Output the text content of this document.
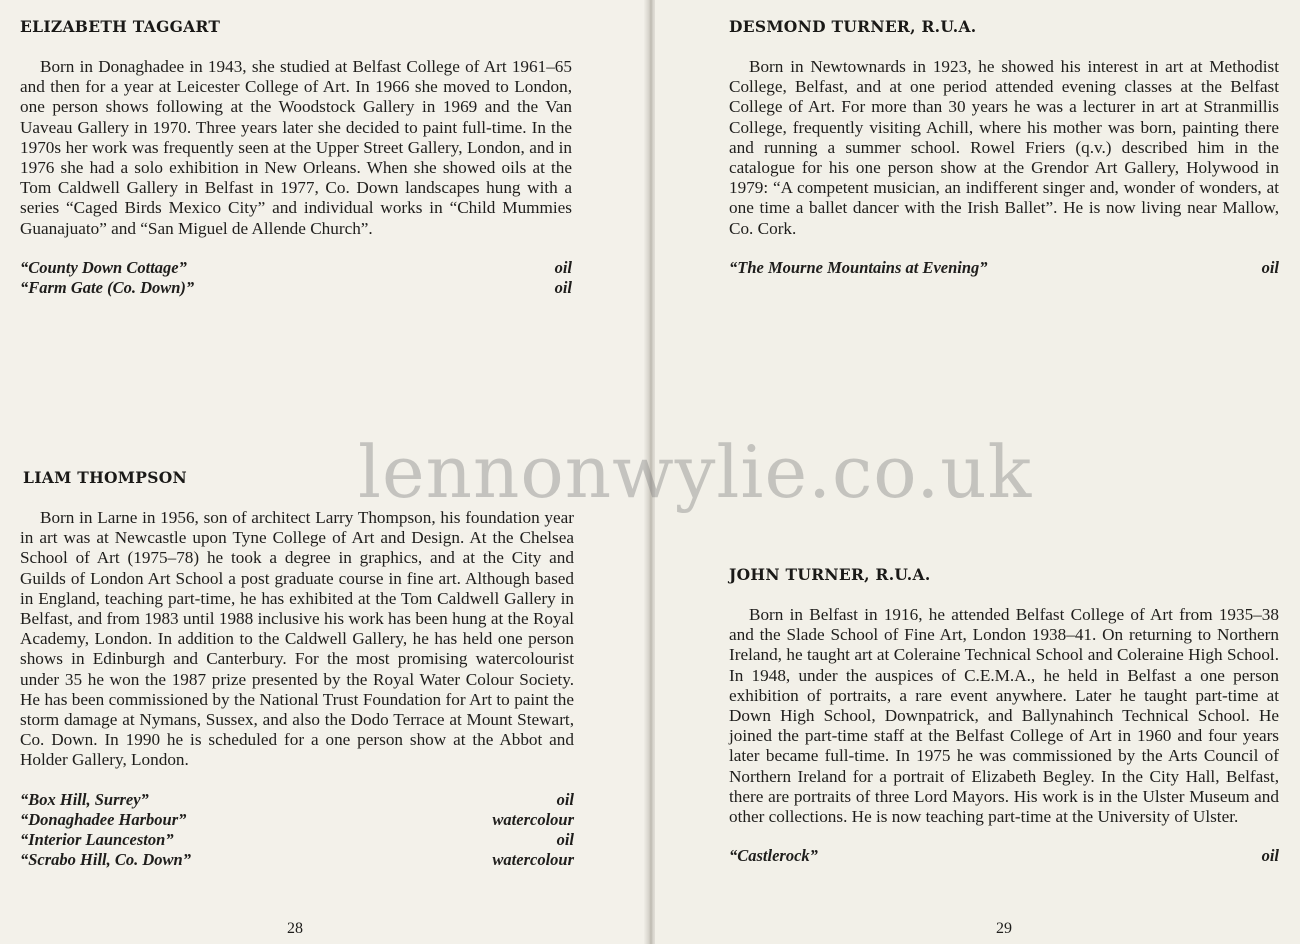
ELIZABETH TAGGART

Born in Donaghadee in 1943, she studied at Belfast College of Art 1961–65 and then for a year at Leicester College of Art. In 1966 she moved to London, one person shows following at the Woodstock Gallery in 1969 and the Van Uaveau Gallery in 1970. Three years later she decided to paint full-time. In the 1970s her work was frequently seen at the Upper Street Gallery, London, and in 1976 she had a solo exhibition in New Orleans. When she showed oils at the Tom Caldwell Gallery in Belfast in 1977, Co. Down landscapes hung with a series “Caged Birds Mexico City” and individual works in “Child Mummies Guanajuato” and “San Miguel de Allende Church”.

“County Down Cottage”	oil
“Farm Gate (Co. Down)”	oil
LIAM THOMPSON

Born in Larne in 1956, son of architect Larry Thompson, his foundation year in art was at Newcastle upon Tyne College of Art and Design. At the Chelsea School of Art (1975–78) he took a degree in graphics, and at the City and Guilds of London Art School a post graduate course in fine art. Although based in England, teaching part-time, he has exhibited at the Tom Caldwell Gallery in Belfast, and from 1983 until 1988 inclusive his work has been hung at the Royal Academy, London. In addition to the Caldwell Gallery, he has held one person shows in Edinburgh and Canterbury. For the most promising watercolourist under 35 he won the 1987 prize presented by the Royal Water Colour Society. He has been commissioned by the National Trust Foundation for Art to paint the storm damage at Nymans, Sussex, and also the Dodo Terrace at Mount Stewart, Co. Down. In 1990 he is scheduled for a one person show at the Abbot and Holder Gallery, London.

“Box Hill, Surrey”	oil
“Donaghadee Harbour”	watercolour
“Interior Launceston”	oil
“Scrabo Hill, Co. Down”	watercolour
28
DESMOND TURNER, R.U.A.

Born in Newtownards in 1923, he showed his interest in art at Methodist College, Belfast, and at one period attended evening classes at the Belfast College of Art. For more than 30 years he was a lecturer in art at Stranmillis College, frequently visiting Achill, where his mother was born, painting there and running a summer school. Rowel Friers (q.v.) described him in the catalogue for his one person show at the Grendor Art Gallery, Holywood in 1979: “A competent musician, an indifferent singer and, wonder of wonders, at one time a ballet dancer with the Irish Ballet”. He is now living near Mallow, Co. Cork.

“The Mourne Mountains at Evening”	oil
JOHN TURNER, R.U.A.

Born in Belfast in 1916, he attended Belfast College of Art from 1935–38 and the Slade School of Fine Art, London 1938–41. On returning to Northern Ireland, he taught art at Coleraine Technical School and Coleraine High School. In 1948, under the auspices of C.E.M.A., he held in Belfast a one person exhibition of portraits, a rare event anywhere. Later he taught part-time at Down High School, Downpatrick, and Ballynahinch Technical School. He joined the part-time staff at the Belfast College of Art in 1960 and four years later became full-time. In 1975 he was commissioned by the Arts Council of Northern Ireland for a portrait of Elizabeth Begley. In the City Hall, Belfast, there are portraits of three Lord Mayors. His work is in the Ulster Museum and other collections. He is now teaching part-time at the University of Ulster.

“Castlerock”	oil
29
lennonwylie.co.uk
